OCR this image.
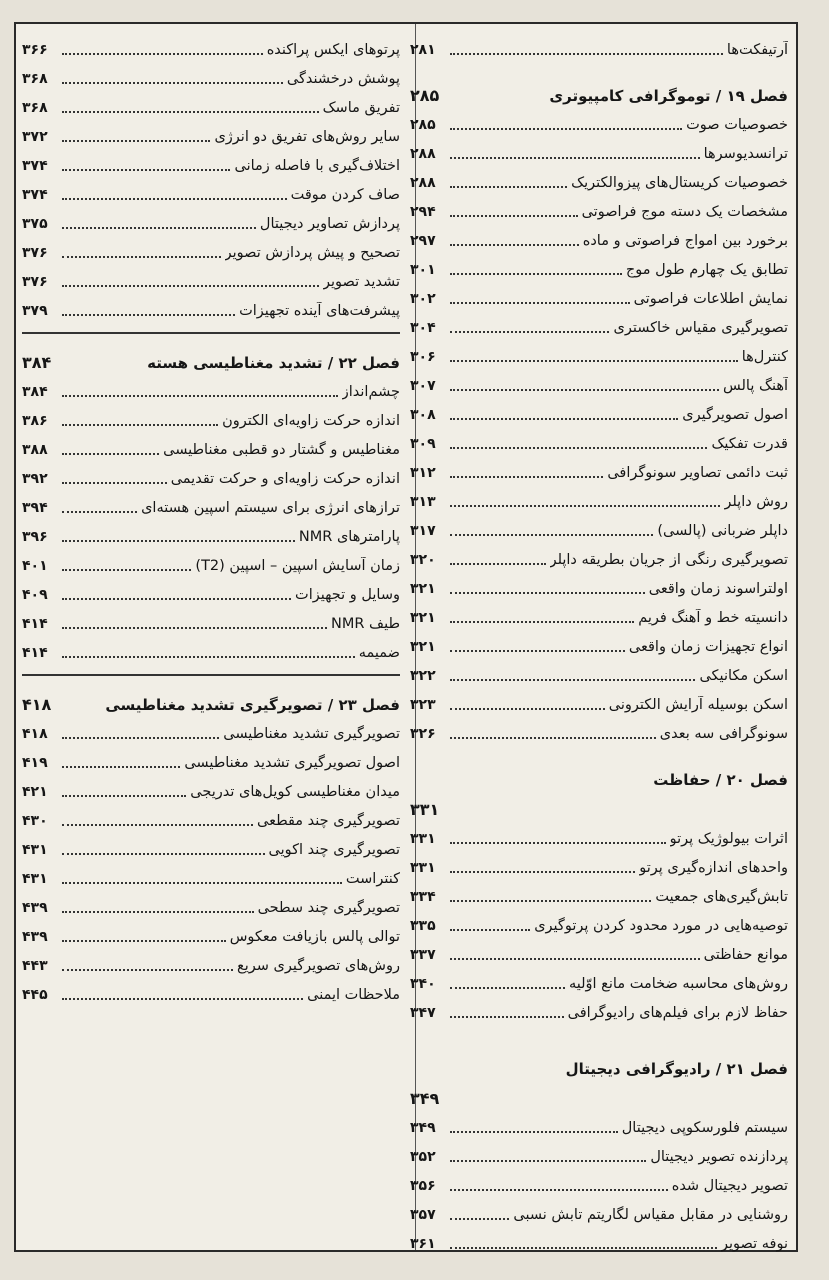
آرتیفکت‌ها
۲۸۱
فصل ۱۹ / توموگرافی کامپیوتری
۲۸۵
خصوصیات صوت
۲۸۵
ترانسدیوسرها
۲۸۸
خصوصیات کریستال‌های پیزوالکتریک
۲۸۸
مشخصات یک دسته موج فراصوتی
۲۹۴
برخورد بین امواج فراصوتی و ماده
۲۹۷
تطابق یک چهارم طول موج
۳۰۱
نمایش اطلاعات فراصوتی
۳۰۲
تصویرگیری مقیاس خاکستری
۳۰۴
کنترل‌ها
۳۰۶
آهنگ پالس
۳۰۷
اصول تصویرگیری
۳۰۸
قدرت تفکیک
۳۰۹
ثبت دائمی تصاویر سونوگرافی
۳۱۲
روش داپلر
۳۱۳
داپلر ضربانی (پالسی)
۳۱۷
تصویرگیری رنگی از جریان بطریقه داپلر
۳۲۰
اولتراسوند زمان واقعی
۳۲۱
دانسیته خط و آهنگ فریم
۳۲۱
انواع تجهیزات زمان واقعی
۳۲۱
اسکن مکانیکی
۳۲۲
اسکن بوسیله آرایش الکترونی
۳۲۳
سونوگرافی سه بعدی
۳۲۶
فصل ۲۰ / حفاظت
۳۳۱
اثرات بیولوژیک پرتو
۳۳۱
واحدهای اندازه‌گیری پرتو
۳۳۱
تابش‌گیری‌های جمعیت
۳۳۴
توصیه‌هایی در مورد محدود کردن پرتوگیری
۳۳۵
موانع حفاظتی
۳۳۷
روش‌های محاسبه ضخامت مانع اوّلیه
۳۴۰
حفاظ لازم برای فیلم‌های رادیوگرافی
۳۴۷
فصل ۲۱ / رادیوگرافی دیجیتال
۳۴۹
سیستم فلورسکوپی دیجیتال
۳۴۹
پردازنده تصویر دیجیتال
۳۵۲
تصویر دیجیتال شده
۳۵۶
روشنایی در مقابل مقیاس لگاریتم تابش نسبی
۳۵۷
نوفه تصویر
۳۶۱
پرتوهای ایکس پراکنده
۳۶۶
پوشش درخشندگی
۳۶۸
تفریق ماسک
۳۶۸
سایر روش‌های تفریق دو انرژی
۳۷۲
اختلاف‌گیری با فاصله زمانی
۳۷۴
صاف کردن موقت
۳۷۴
پردازش تصاویر دیجیتال
۳۷۵
تصحیح و پیش پردازش تصویر
۳۷۶
تشدید تصویر
۳۷۶
پیشرفت‌های آینده تجهیزات
۳۷۹
فصل ۲۲ / تشدید مغناطیسی هسته
۳۸۴
چشم‌انداز
۳۸۴
اندازه حرکت زاویه‌ای الکترون
۳۸۶
مغناطیس و گشتار دو قطبی مغناطیسی
۳۸۸
اندازه حرکت زاویه‌ای و حرکت تقدیمی
۳۹۲
ترازهای انرژی برای سیستم اسپین هسته‌ای
۳۹۴
پارامترهای NMR
۳۹۶
زمان آسایش اسپین – اسپین (T2)
۴۰۱
وسایل و تجهیزات
۴۰۹
طیف NMR
۴۱۴
ضمیمه
۴۱۴
فصل ۲۳ / تصویرگیری تشدید مغناطیسی
۴۱۸
تصویرگیری تشدید مغناطیسی
۴۱۸
اصول تصویرگیری تشدید مغناطیسی
۴۱۹
میدان مغناطیسی کویل‌های تدریجی
۴۲۱
تصویرگیری چند مقطعی
۴۳۰
تصویرگیری چند اکویی
۴۳۱
کنتراست
۴۳۱
تصویرگیری چند سطحی
۴۳۹
توالی پالس بازیافت معکوس
۴۳۹
روش‌های تصویرگیری سریع
۴۴۳
ملاحظات ایمنی
۴۴۵
